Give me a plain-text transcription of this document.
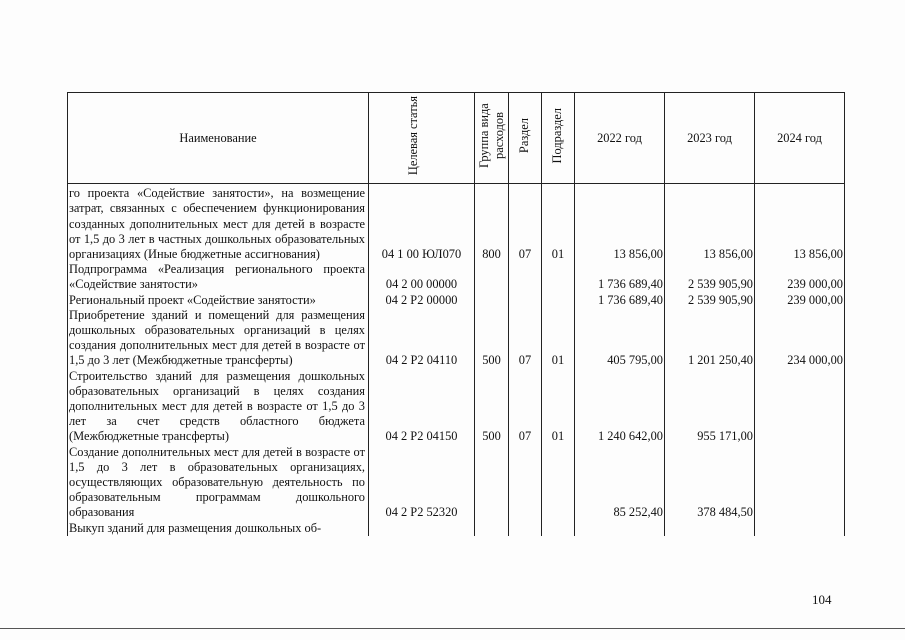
Наименование	Целевая статья	Группа вида расходов	Раздел	Подраздел	2022 год	2023 год	2024 год
го проекта «Содействие занятости», на возмещение затрат, связанных с обеспечением функционирования созданных дополнительных мест для детей в возрасте от 1,5 до 3 лет в частных дошкольных образовательных организациях (Иные бюджетные ассигнования)	04 1 00 ЮЛ070	800	07	01	13 856,00	13 856,00	13 856,00
Подпрограмма «Реализация регионального проекта «Содействие занятости»	04 2 00 00000				1 736 689,40	2 539 905,90	239 000,00
Региональный проект «Содействие занятости»	04 2 Р2 00000				1 736 689,40	2 539 905,90	239 000,00
Приобретение зданий и помещений для размещения дошкольных образовательных организаций в целях создания дополнительных мест для детей в возрасте от 1,5 до 3 лет (Межбюджетные трансферты)	04 2 Р2 04110	500	07	01	405 795,00	1 201 250,40	234 000,00
Строительство зданий для размещения дошкольных образовательных организаций в целях создания дополнительных мест для детей в возрасте от 1,5 до 3 лет за счет средств областного бюджета (Межбюджетные трансферты)	04 2 Р2 04150	500	07	01	1 240 642,00	955 171,00	
Создание дополнительных мест для детей в возрасте от 1,5 до 3 лет в образовательных организациях, осуществляющих образовательную деятельность по образовательным программам дошкольного образования	04 2 Р2 52320				85 252,40	378 484,50	
Выкуп зданий для размещения дошкольных об-							
104
